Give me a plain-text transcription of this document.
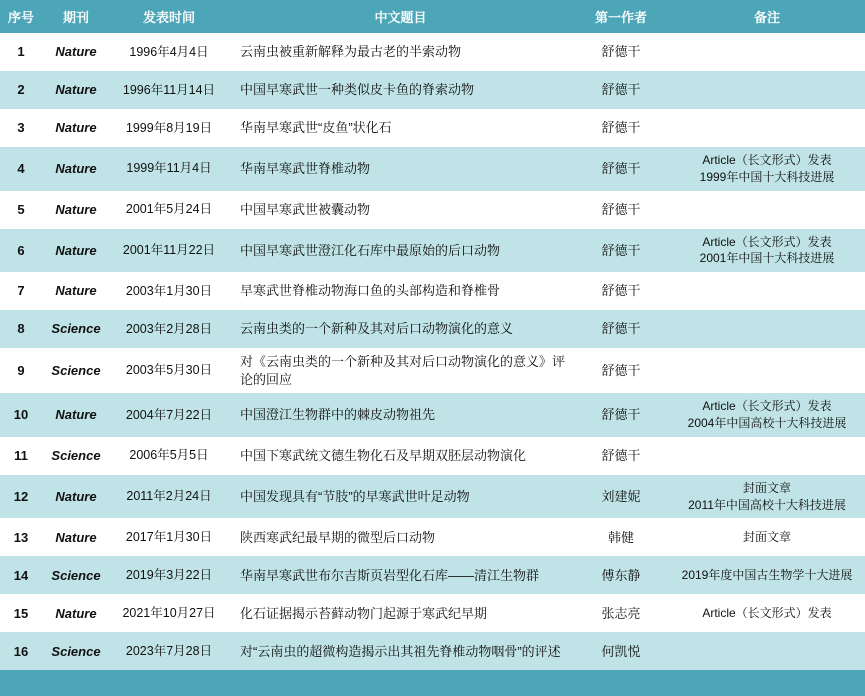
序号	期刊	发表时间	中文题目	第一作者	备注
1	Nature	1996年4月4日	云南虫被重新解释为最古老的半索动物	舒德干	
2	Nature	1996年11月14日	中国早寒武世一种类似皮卡鱼的脊索动物	舒德干	
3	Nature	1999年8月19日	华南早寒武世“皮鱼”状化石	舒德干	
4	Nature	1999年11月4日	华南早寒武世脊椎动物	舒德干	Article（长文形式）发表
1999年中国十大科技进展

5	Nature	2001年5月24日	中国早寒武世被囊动物	舒德干	
6	Nature	2001年11月22日	中国早寒武世澄江化石库中最原始的后口动物	舒德干	Article（长文形式）发表
2001年中国十大科技进展

7	Nature	2003年1月30日	早寒武世脊椎动物海口鱼的头部构造和脊椎骨	舒德干	
8	Science	2003年2月28日	云南虫类的一个新种及其对后口动物演化的意义	舒德干	
9	Science	2003年5月30日	对《云南虫类的一个新种及其对后口动物演化的意义》评论的回应	舒德干	
10	Nature	2004年7月22日	中国澄江生物群中的棘皮动物祖先	舒德干	Article（长文形式）发表
2004年中国高校十大科技进展

11	Science	2006年5月5日	中国下寒武统文德生物化石及早期双胚层动物演化	舒德干	
12	Nature	2011年2月24日	中国发现具有“节肢”的早寒武世叶足动物	刘建妮	封面文章
2011年中国高校十大科技进展

13	Nature	2017年1月30日	陕西寒武纪最早期的微型后口动物	韩健	封面文章

14	Science	2019年3月22日	华南早寒武世布尔吉斯页岩型化石库——清江生物群	傅东静	2019年度中国古生物学十大进展

15	Nature	2021年10月27日	化石证据揭示苔藓动物门起源于寒武纪早期	张志亮	Article（长文形式）发表

16	Science	2023年7月28日	对“云南虫的超微构造揭示出其祖先脊椎动物咽骨”的评述	何凯悦	
